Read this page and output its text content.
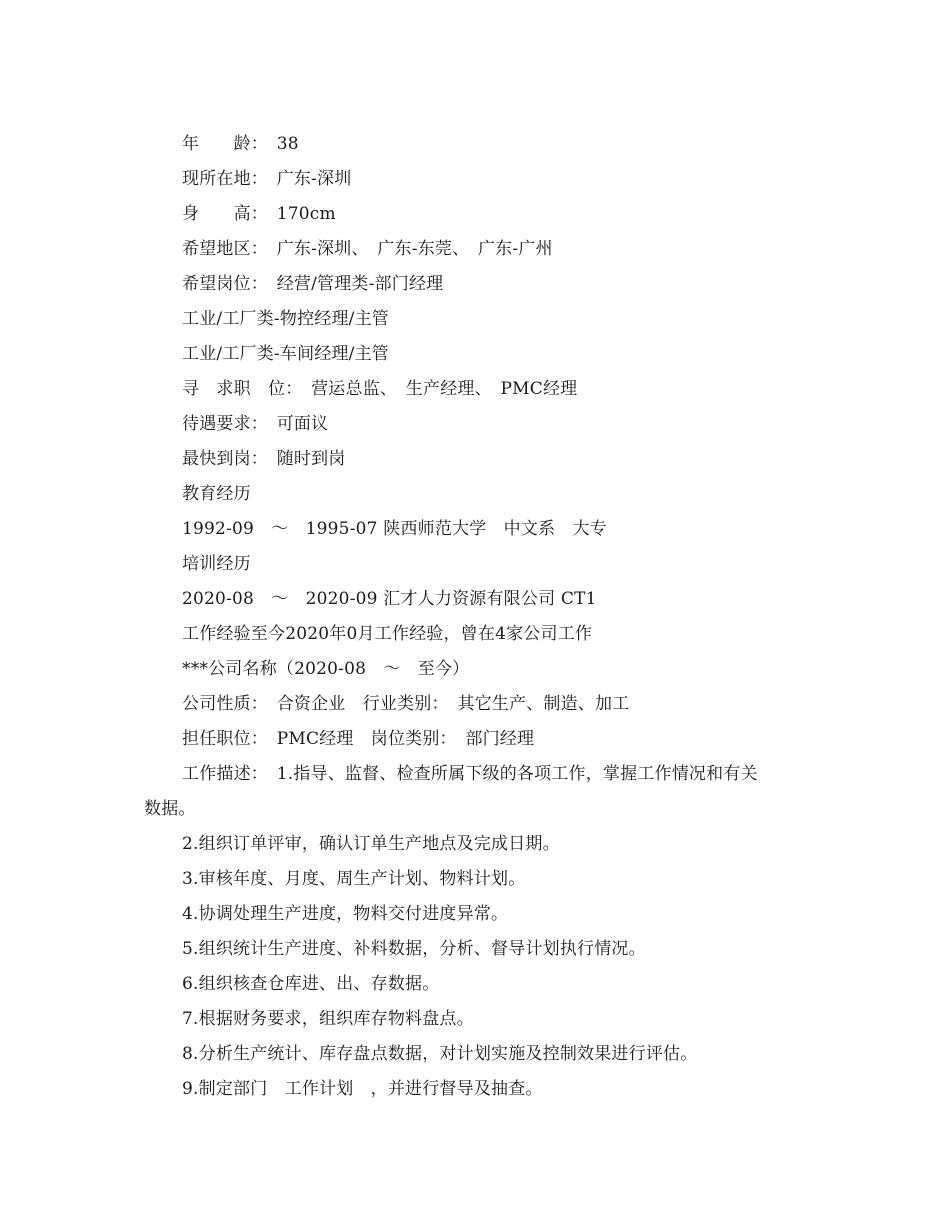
年　　龄：　38
现所在地：　广东-深圳
身　　高：　170cm
希望地区：　广东-深圳、　广东-东莞、　广东-广州
希望岗位：　经营/管理类-部门经理
工业/工厂类-物控经理/主管
工业/工厂类-车间经理/主管
寻　求职　位：　营运总监、　生产经理、　PMC经理
待遇要求：　可面议
最快到岗：　随时到岗
教育经历
1992-09　～　1995-07 陕西师范大学　中文系　大专
培训经历
2020-08　～　2020-09 汇才人力资源有限公司 CT1
工作经验至今2020年0月工作经验，曾在4家公司工作
***公司名称（2020-08　～　至今）
公司性质：　合资企业　行业类别：　其它生产、制造、加工
担任职位：　PMC经理　岗位类别：　部门经理
工作描述：　1.指导、监督、检查所属下级的各项工作，掌握工作情况和有关
数据。
2.组织订单评审，确认订单生产地点及完成日期。
3.审核年度、月度、周生产计划、物料计划。
4.协调处理生产进度，物料交付进度异常。
5.组织统计生产进度、补料数据，分析、督导计划执行情况。
6.组织核查仓库进、出、存数据。
7.根据财务要求，组织库存物料盘点。
8.分析生产统计、库存盘点数据，对计划实施及控制效果进行评估。
9.制定部门　工作计划　，并进行督导及抽查。
